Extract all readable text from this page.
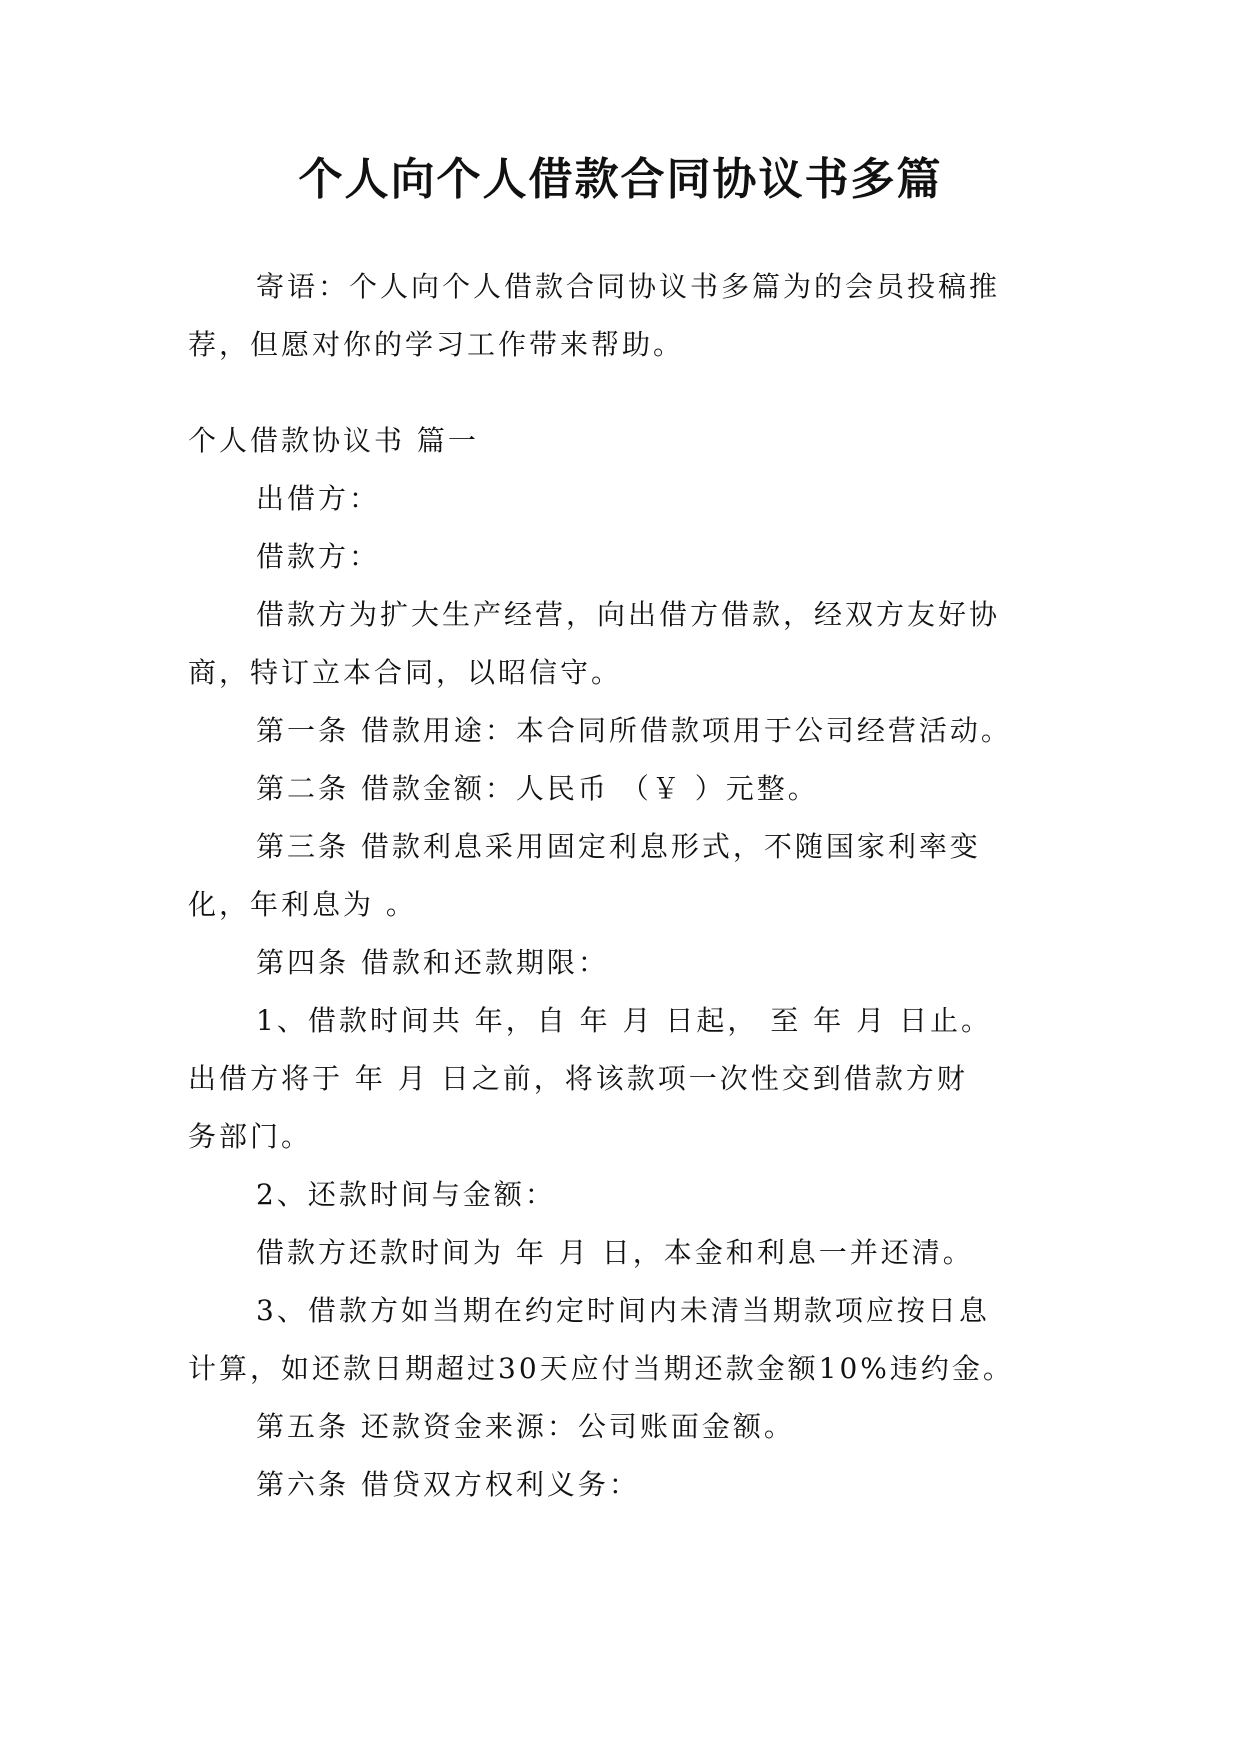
个人向个人借款合同协议书多篇
寄语：个人向个人借款合同协议书多篇为的会员投稿推
荐，但愿对你的学习工作带来帮助。
个人借款协议书 篇一
出借方：
借款方：
借款方为扩大生产经营，向出借方借款，经双方友好协
商，特订立本合同，以昭信守。
第一条 借款用途：本合同所借款项用于公司经营活动。
第二条 借款金额：人民币 （￥ ）元整。
第三条 借款利息采用固定利息形式，不随国家利率变
化，年利息为 。
第四条 借款和还款期限：
1、借款时间共 年，自 年 月 日起， 至 年 月 日止。
出借方将于 年 月 日之前，将该款项一次性交到借款方财
务部门。
2、还款时间与金额：
借款方还款时间为 年 月 日，本金和利息一并还清。
3、借款方如当期在约定时间内未清当期款项应按日息
计算，如还款日期超过30天应付当期还款金额10%违约金。
第五条 还款资金来源：公司账面金额。
第六条 借贷双方权利义务：
